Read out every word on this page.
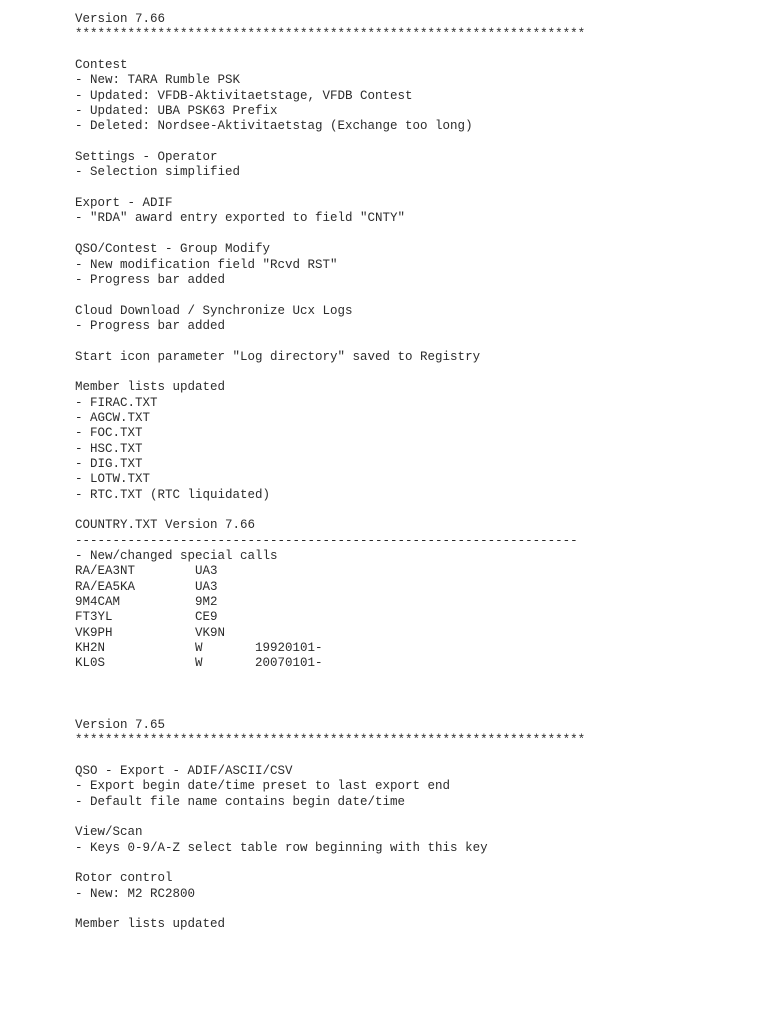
Version 7.66
********************************************************************
Contest
- New: TARA Rumble PSK
- Updated: VFDB-Aktivitaetstage, VFDB Contest
- Updated: UBA PSK63 Prefix
- Deleted: Nordsee-Aktivitaetstag (Exchange too long)
Settings - Operator
- Selection simplified
Export - ADIF
- "RDA" award entry exported to field "CNTY"
QSO/Contest - Group Modify
- New modification field "Rcvd RST"
- Progress bar added
Cloud Download / Synchronize Ucx Logs
- Progress bar added
Start icon parameter "Log directory" saved to Registry
Member lists updated
- FIRAC.TXT
- AGCW.TXT
- FOC.TXT
- HSC.TXT
- DIG.TXT
- LOTW.TXT
- RTC.TXT (RTC liquidated)
COUNTRY.TXT Version 7.66
-------------------------------------------------------------------
- New/changed special calls
RA/EA3NT        UA3
RA/EA5KA        UA3
9M4CAM          9M2
FT3YL           CE9
VK9PH           VK9N
KH2N            W       19920101-
KL0S            W       20070101-
Version 7.65
********************************************************************
QSO - Export - ADIF/ASCII/CSV
- Export begin date/time preset to last export end
- Default file name contains begin date/time
View/Scan
- Keys 0-9/A-Z select table row beginning with this key
Rotor control
- New: M2 RC2800
Member lists updated
